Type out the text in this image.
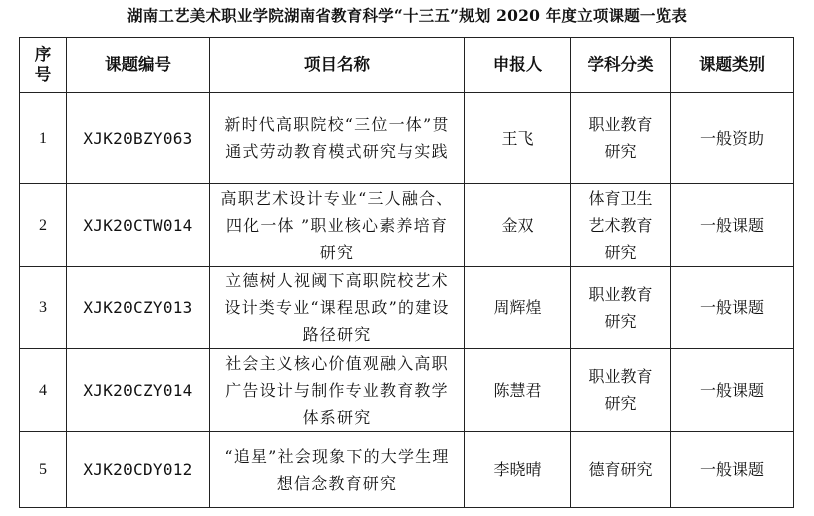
湖南工艺美术职业学院湖南省教育科学“十三五”规划 2020 年度立项课题一览表
序号	课题编号	项目名称	申报人	学科分类	课题类别
1	XJK20BZY063	新时代高职院校“三位一体”贯通式劳动教育模式研究与实践	王飞	职业教育研究	一般资助
2	XJK20CTW014	高职艺术设计专业“三人融合、四化一体 ”职业核心素养培育研究	金双	体育卫生艺术教育研究	一般课题
3	XJK20CZY013	立德树人视阈下高职院校艺术设计类专业“课程思政”的建设路径研究	周辉煌	职业教育研究	一般课题
4	XJK20CZY014	社会主义核心价值观融入高职广告设计与制作专业教育教学体系研究	陈慧君	职业教育研究	一般课题
5	XJK20CDY012	“追星”社会现象下的大学生理想信念教育研究	李晓晴	德育研究	一般课题
